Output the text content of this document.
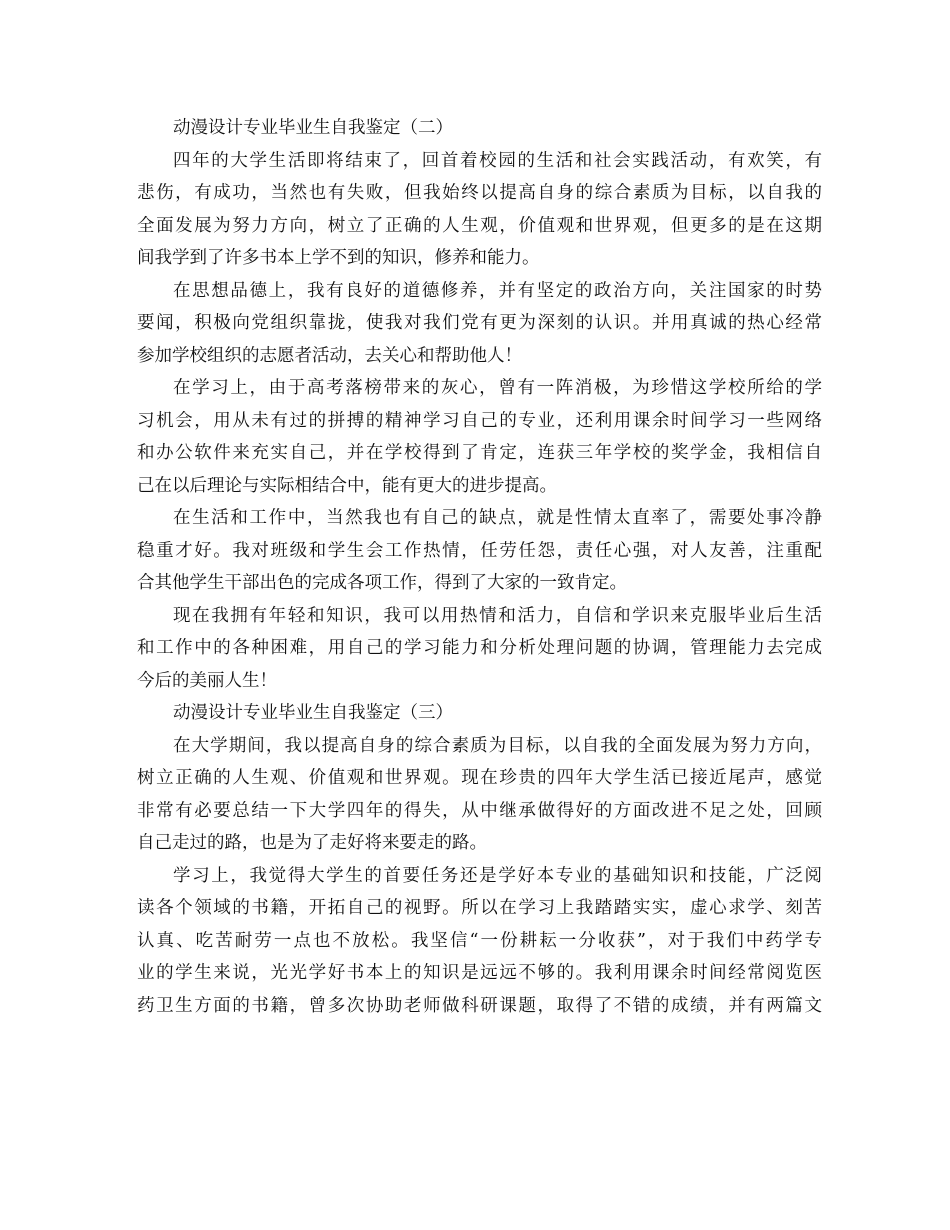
动漫设计专业毕业生自我鉴定（二）
四年的大学生活即将结束了，回首着校园的生活和社会实践活动，有欢笑，有
悲伤，有成功，当然也有失败，但我始终以提高自身的综合素质为目标，以自我的
全面发展为努力方向，树立了正确的人生观，价值观和世界观，但更多的是在这期
间我学到了许多书本上学不到的知识，修养和能力。
在思想品德上，我有良好的道德修养，并有坚定的政治方向，关注国家的时势
要闻，积极向党组织靠拢，使我对我们党有更为深刻的认识。并用真诚的热心经常
参加学校组织的志愿者活动，去关心和帮助他人！
在学习上，由于高考落榜带来的灰心，曾有一阵消极，为珍惜这学校所给的学
习机会，用从未有过的拼搏的精神学习自己的专业，还利用课余时间学习一些网络
和办公软件来充实自己，并在学校得到了肯定，连获三年学校的奖学金，我相信自
己在以后理论与实际相结合中，能有更大的进步提高。
在生活和工作中，当然我也有自己的缺点，就是性情太直率了，需要处事冷静
稳重才好。我对班级和学生会工作热情，任劳任怨，责任心强，对人友善，注重配
合其他学生干部出色的完成各项工作，得到了大家的一致肯定。
现在我拥有年轻和知识，我可以用热情和活力，自信和学识来克服毕业后生活
和工作中的各种困难，用自己的学习能力和分析处理问题的协调，管理能力去完成
今后的美丽人生！
动漫设计专业毕业生自我鉴定（三）
在大学期间，我以提高自身的综合素质为目标，以自我的全面发展为努力方向，
树立正确的人生观、价值观和世界观。现在珍贵的四年大学生活已接近尾声，感觉
非常有必要总结一下大学四年的得失，从中继承做得好的方面改进不足之处，回顾
自己走过的路，也是为了走好将来要走的路。
学习上，我觉得大学生的首要任务还是学好本专业的基础知识和技能，广泛阅
读各个领域的书籍，开拓自己的视野。所以在学习上我踏踏实实，虚心求学、刻苦
认真、吃苦耐劳一点也不放松。我坚信“一份耕耘一分收获”，对于我们中药学专
业的学生来说，光光学好书本上的知识是远远不够的。我利用课余时间经常阅览医
药卫生方面的书籍，曾多次协助老师做科研课题，取得了不错的成绩，并有两篇文
